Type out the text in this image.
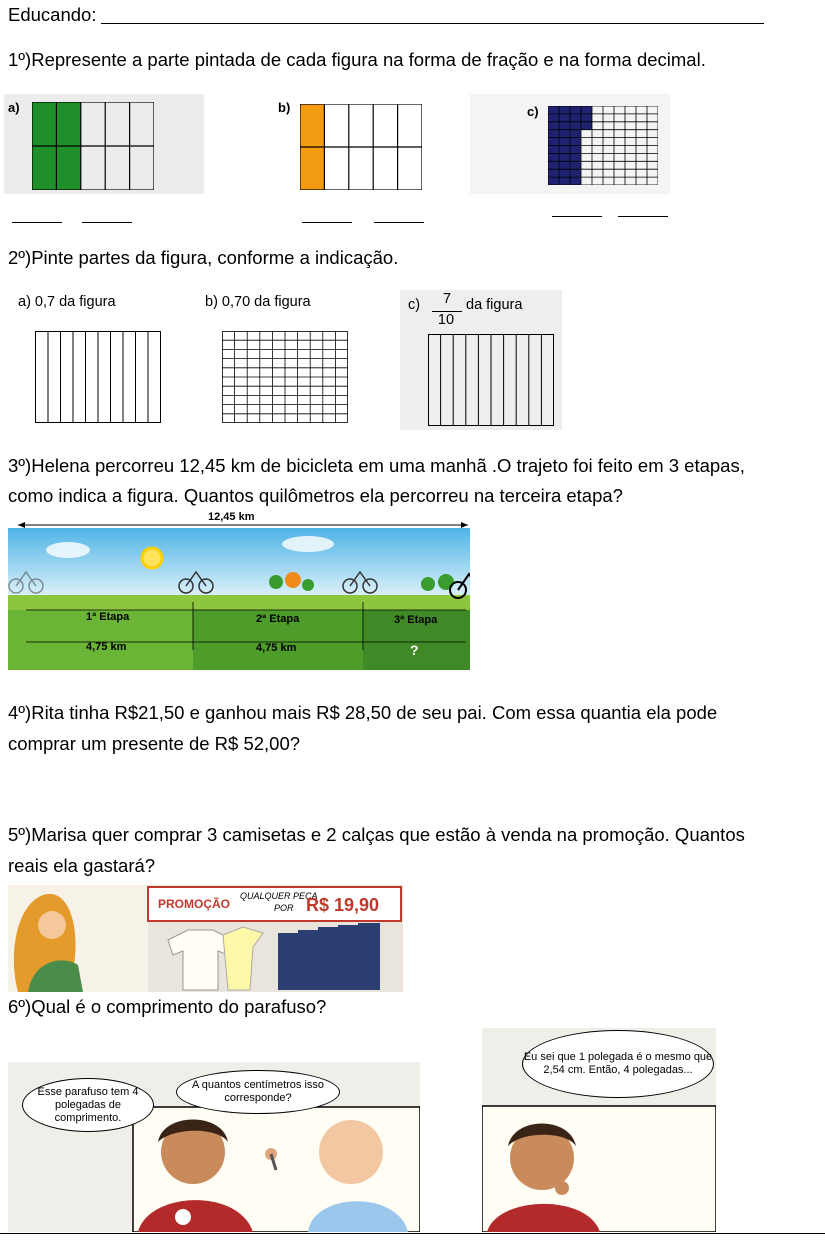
Educando:
1º)Represente a parte pintada de cada figura na forma de fração e na forma decimal.
a)	b)	c)
2º)Pinte partes da figura, conforme a indicação.
a) 0,7 da figura	b) 0,70 da figura	c)	7
10
da figura
3º)Helena percorreu 12,45 km de bicicleta em uma manhã .O trajeto foi feito em 3 etapas,
como indica a figura. Quantos quilômetros ela percorreu na terceira etapa?
12,45 km
1ª Etapa	2ª Etapa	3ª Etapa
4,75 km	4,75 km	?
4º)Rita tinha R$21,50 e ganhou mais R$ 28,50 de seu pai. Com essa quantia ela pode
comprar um presente de R$ 52,00?
5º)Marisa quer comprar 3 camisetas e 2 calças que estão à venda na promoção. Quantos
reais ela gastará?
PROMOÇÃO
QUALQUER PEÇA
POR R$ 19,90
6º)Qual é o comprimento do parafuso?
Esse parafuso tem 4 polegadas de comprimento.
A quantos centímetros isso corresponde?
Eu sei que 1 polegada é o mesmo que 2,54 cm. Então, 4 polegadas...
